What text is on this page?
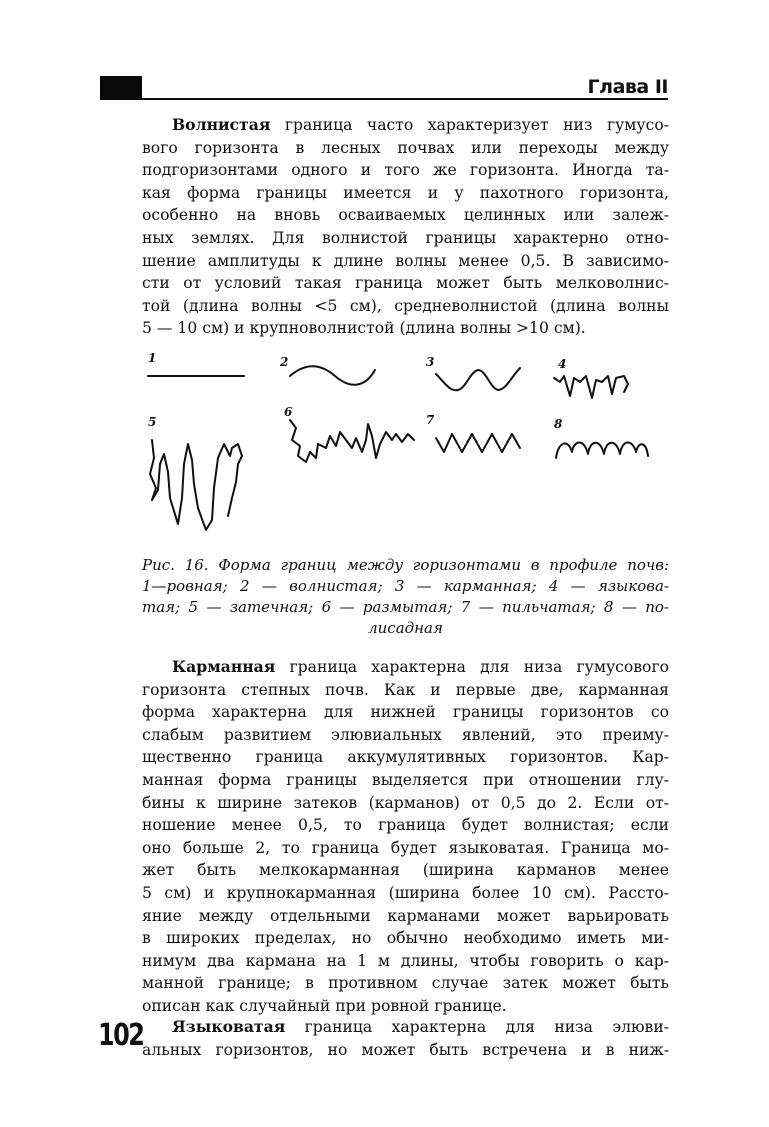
Глава II
Волнистая граница часто характеризует низ гумусо-
вого горизонта в лесных почвах или переходы между
подгоризонтами одного и того же горизонта. Иногда та-
кая форма границы имеется и у пахотного горизонта,
особенно на вновь осваиваемых целинных или залеж-
ных землях. Для волнистой границы характерно отно-
шение амплитуды к длине волны менее 0,5. В зависимо-
сти от условий такая граница может быть мелковолнис-
той (длина волны <5 см), средневолнистой (длина волны
5 — 10 см) и крупноволнистой (длина волны >10 см).
1	2	3	4
5
6
7	8
Рис. 16. Форма границ между горизонтами в профиле почв:
1—ровная; 2 — волнистая; 3 — карманная; 4 — языкова-
тая; 5 — затечная; 6 — размытая; 7 — пильчатая; 8 — по-
лисадная
Карманная граница характерна для низа гумусового
горизонта степных почв. Как и первые две, карманная
форма характерна для нижней границы горизонтов со
слабым развитием элювиальных явлений, это преиму-
щественно граница аккумулятивных горизонтов. Кар-
манная форма границы выделяется при отношении глу-
бины к ширине затеков (карманов) от 0,5 до 2. Если от-
ношение менее 0,5, то граница будет волнистая; если
оно больше 2, то граница будет языковатая. Граница мо-
жет быть мелкокарманная (ширина карманов менее
5 см) и крупнокарманная (ширина более 10 см). Рассто-
яние между отдельными карманами может варьировать
в широких пределах, но обычно необходимо иметь ми-
нимум два кармана на 1 м длины, чтобы говорить о кар-
манной границе; в противном случае затек может быть
описан как случайный при ровной границе.
Языковатая граница характерна для низа элюви-
альных горизонтов, но может быть встречена и в ниж-
102
